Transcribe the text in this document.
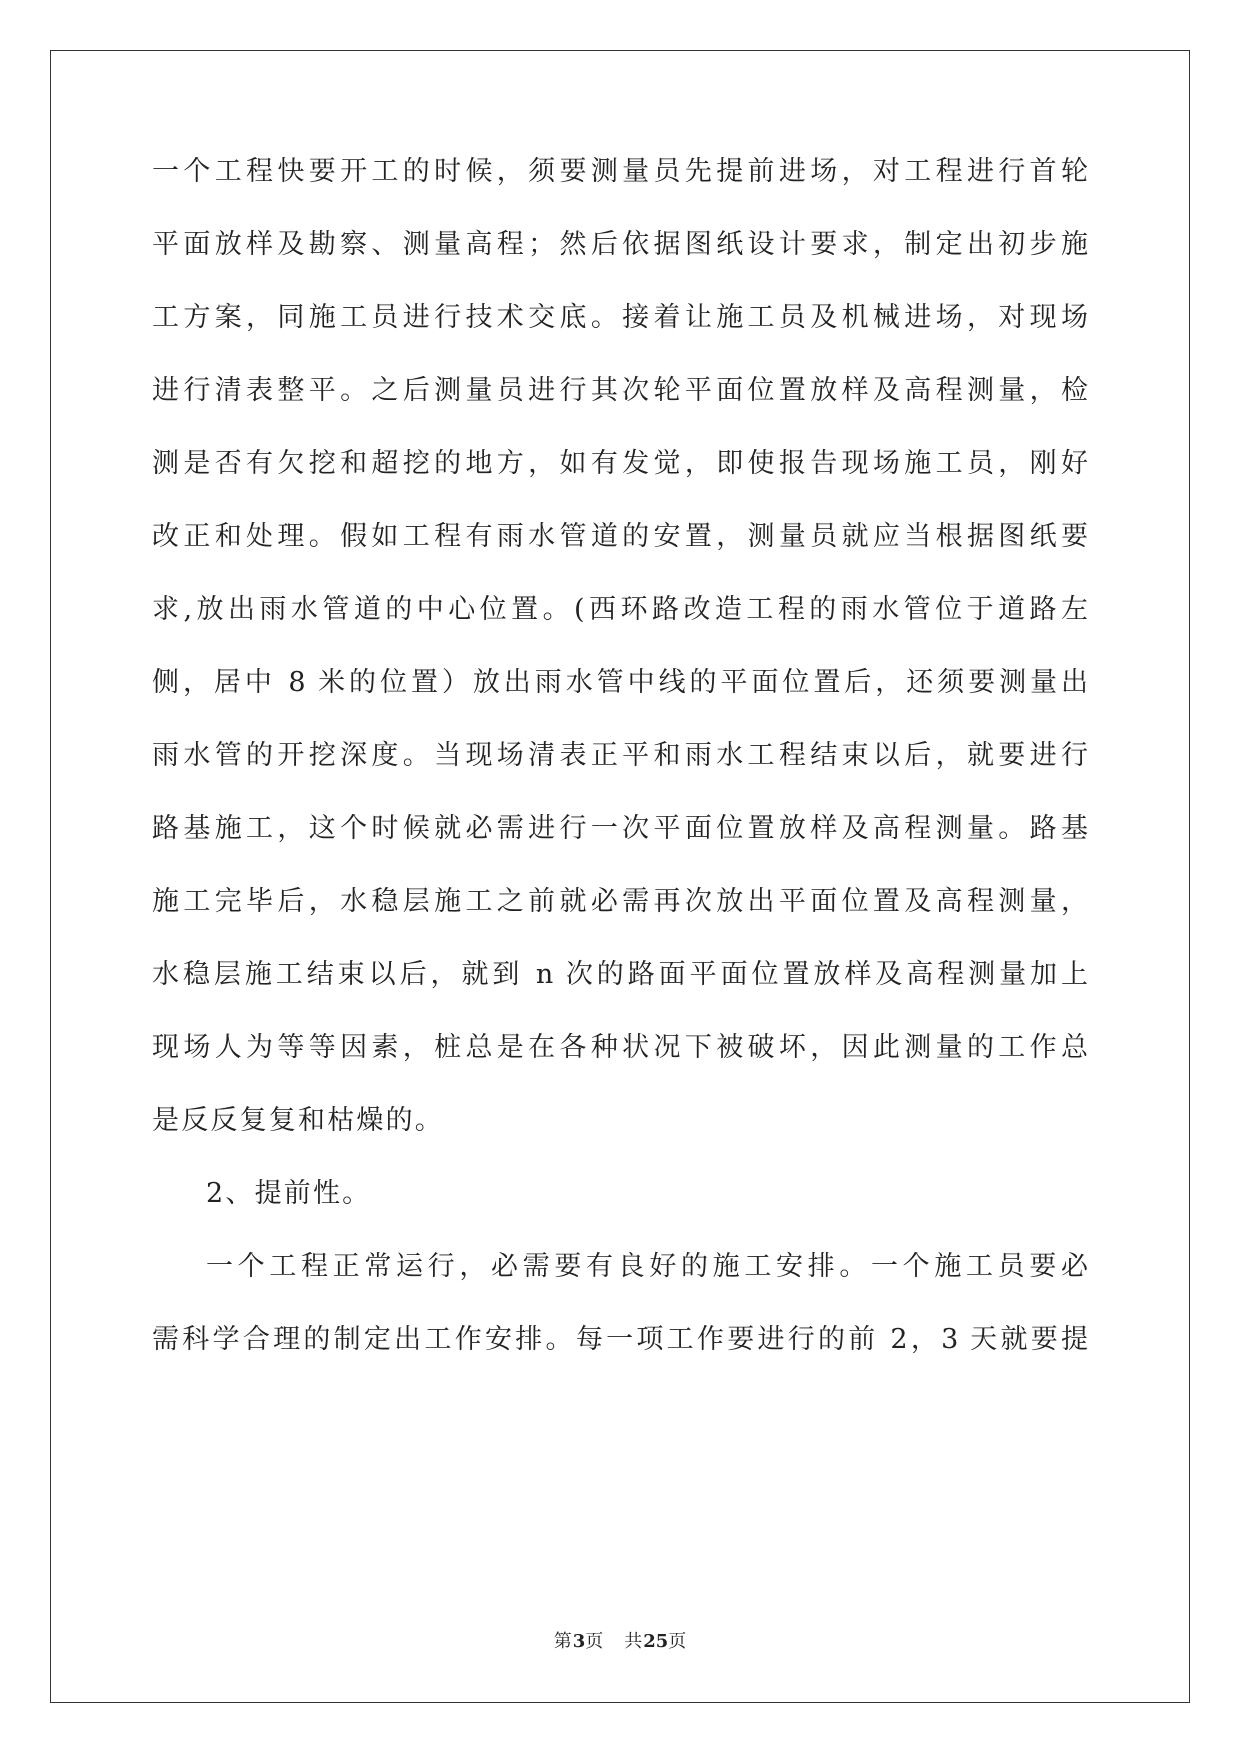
一个工程快要开工的时候，须要测量员先提前进场，对工程进行首轮

平面放样及勘察、测量高程；然后依据图纸设计要求，制定出初步施

工方案，同施工员进行技术交底。接着让施工员及机械进场，对现场

进行清表整平。之后测量员进行其次轮平面位置放样及高程测量，检

测是否有欠挖和超挖的地方，如有发觉，即使报告现场施工员，刚好

改正和处理。假如工程有雨水管道的安置，测量员就应当根据图纸要

求,放出雨水管道的中心位置。(西环路改造工程的雨水管位于道路左

侧，居中 8 米的位置）放出雨水管中线的平面位置后，还须要测量出

雨水管的开挖深度。当现场清表正平和雨水工程结束以后，就要进行

路基施工，这个时候就必需进行一次平面位置放样及高程测量。路基

施工完毕后，水稳层施工之前就必需再次放出平面位置及高程测量，

水稳层施工结束以后，就到 n 次的路面平面位置放样及高程测量加上

现场人为等等因素，桩总是在各种状况下被破坏，因此测量的工作总

是反反复复和枯燥的。

2、提前性。

一个工程正常运行，必需要有良好的施工安排。一个施工员要必

需科学合理的制定出工作安排。每一项工作要进行的前 2，3 天就要提

第3页 共25页
